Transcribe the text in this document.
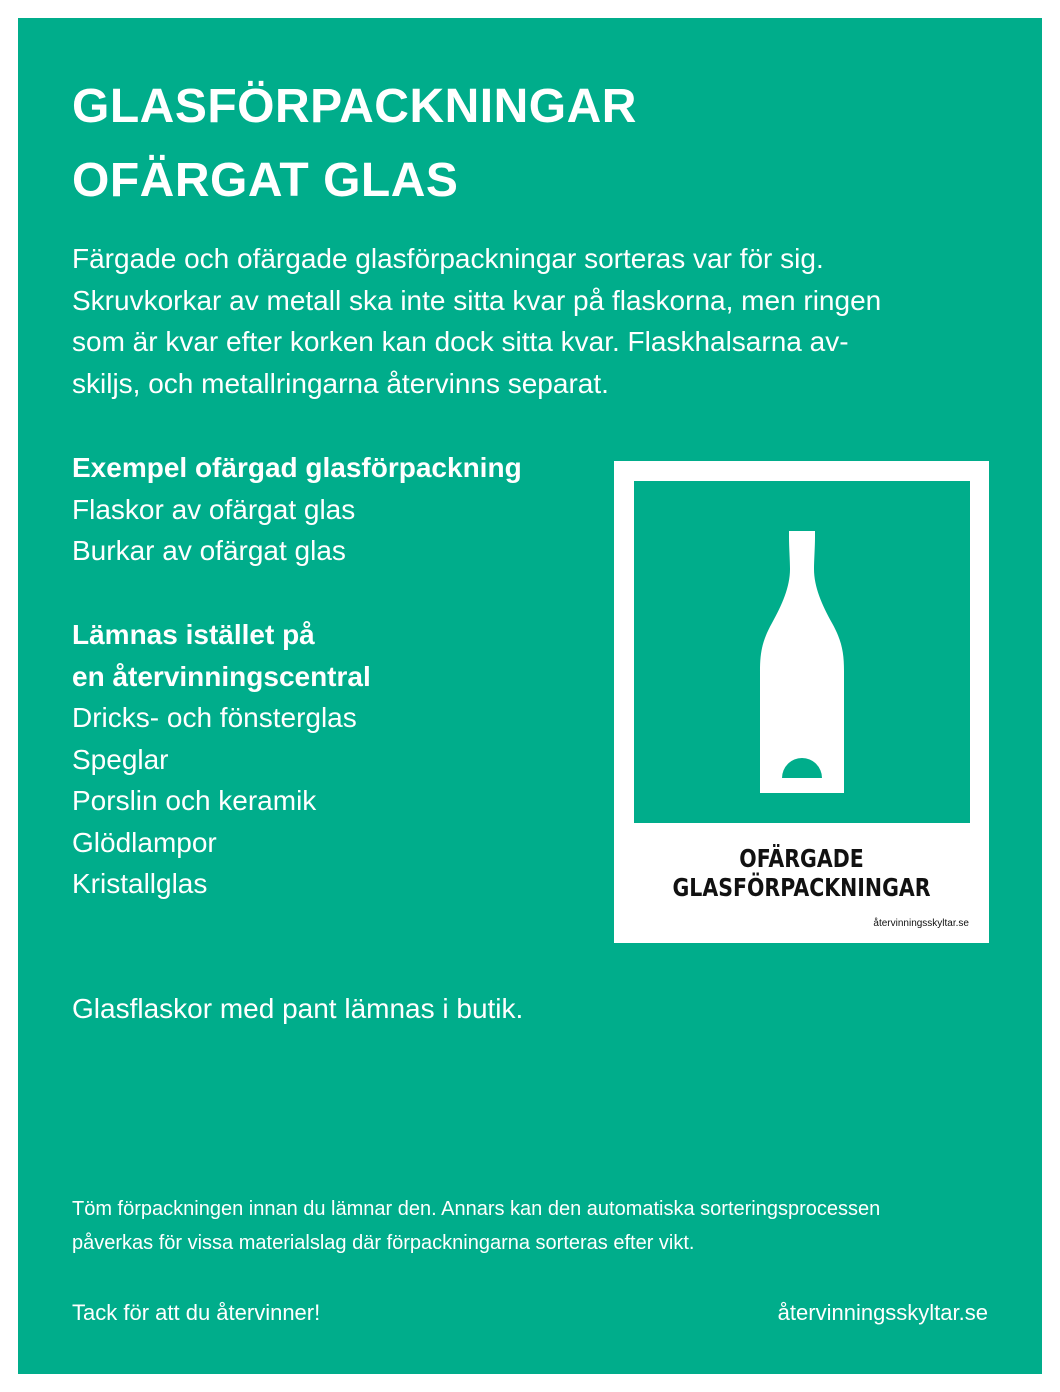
GLASFÖRPACKNINGAR
OFÄRGAT GLAS
Färgade och ofärgade glasförpackningar sorteras var för sig.
Skruvkorkar av metall ska inte sitta kvar på flaskorna, men ringen
som är kvar efter korken kan dock sitta kvar. Flaskhalsarna av-
skiljs, och metallringarna återvinns separat.
Exempel ofärgad glasförpackning
Flaskor av ofärgat glas
Burkar av ofärgat glas
Lämnas istället på
en återvinningscentral
Dricks- och fönsterglas
Speglar
Porslin och keramik
Glödlampor
Kristallglas
OFÄRGADE
GLASFÖRPACKNINGAR
återvinningsskyltar.se
Glasflaskor med pant lämnas i butik.
Töm förpackningen innan du lämnar den. Annars kan den automatiska sorteringsprocessen
påverkas för vissa materialslag där förpackningarna sorteras efter vikt.
Tack för att du återvinner!	återvinningsskyltar.se
